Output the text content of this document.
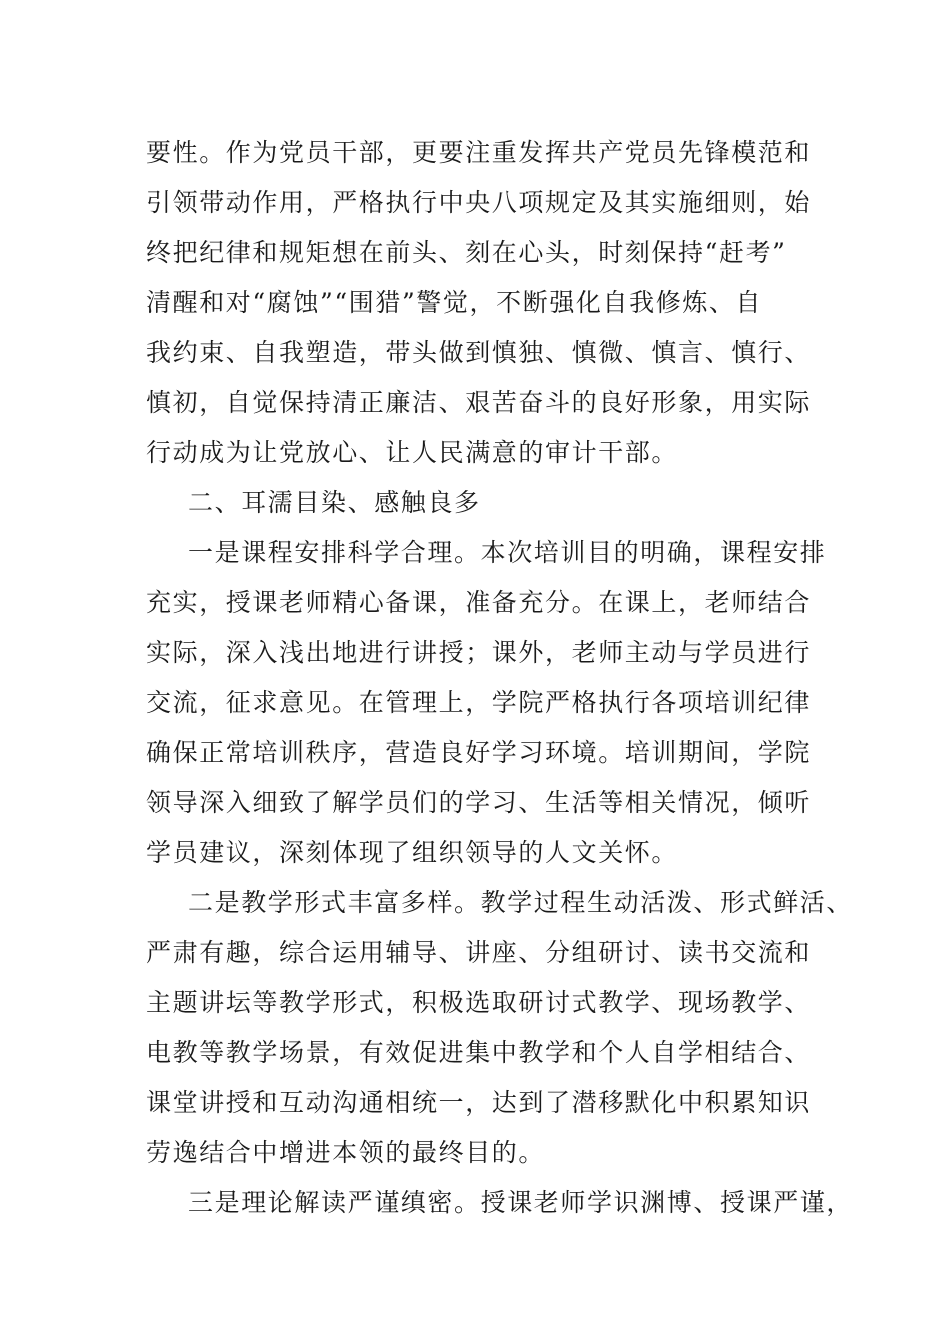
要性。作为党员干部，更要注重发挥共产党员先锋模范和
引领带动作用，严格执行中央八项规定及其实施细则，始
终把纪律和规矩想在前头、刻在心头，时刻保持“赶考”
清醒和对“腐蚀”“围猎”警觉，不断强化自我修炼、自
我约束、自我塑造，带头做到慎独、慎微、慎言、慎行、
慎初，自觉保持清正廉洁、艰苦奋斗的良好形象，用实际
行动成为让党放心、让人民满意的审计干部。
二、耳濡目染、感触良多
一是课程安排科学合理。本次培训目的明确，课程安排
充实，授课老师精心备课，准备充分。在课上，老师结合
实际，深入浅出地进行讲授；课外，老师主动与学员进行
交流，征求意见。在管理上，学院严格执行各项培训纪律
确保正常培训秩序，营造良好学习环境。培训期间，学院
领导深入细致了解学员们的学习、生活等相关情况，倾听
学员建议，深刻体现了组织领导的人文关怀。
二是教学形式丰富多样。教学过程生动活泼、形式鲜活、
严肃有趣，综合运用辅导、讲座、分组研讨、读书交流和
主题讲坛等教学形式，积极选取研讨式教学、现场教学、
电教等教学场景，有效促进集中教学和个人自学相结合、
课堂讲授和互动沟通相统一，达到了潜移默化中积累知识
劳逸结合中增进本领的最终目的。
三是理论解读严谨缜密。授课老师学识渊博、授课严谨，
